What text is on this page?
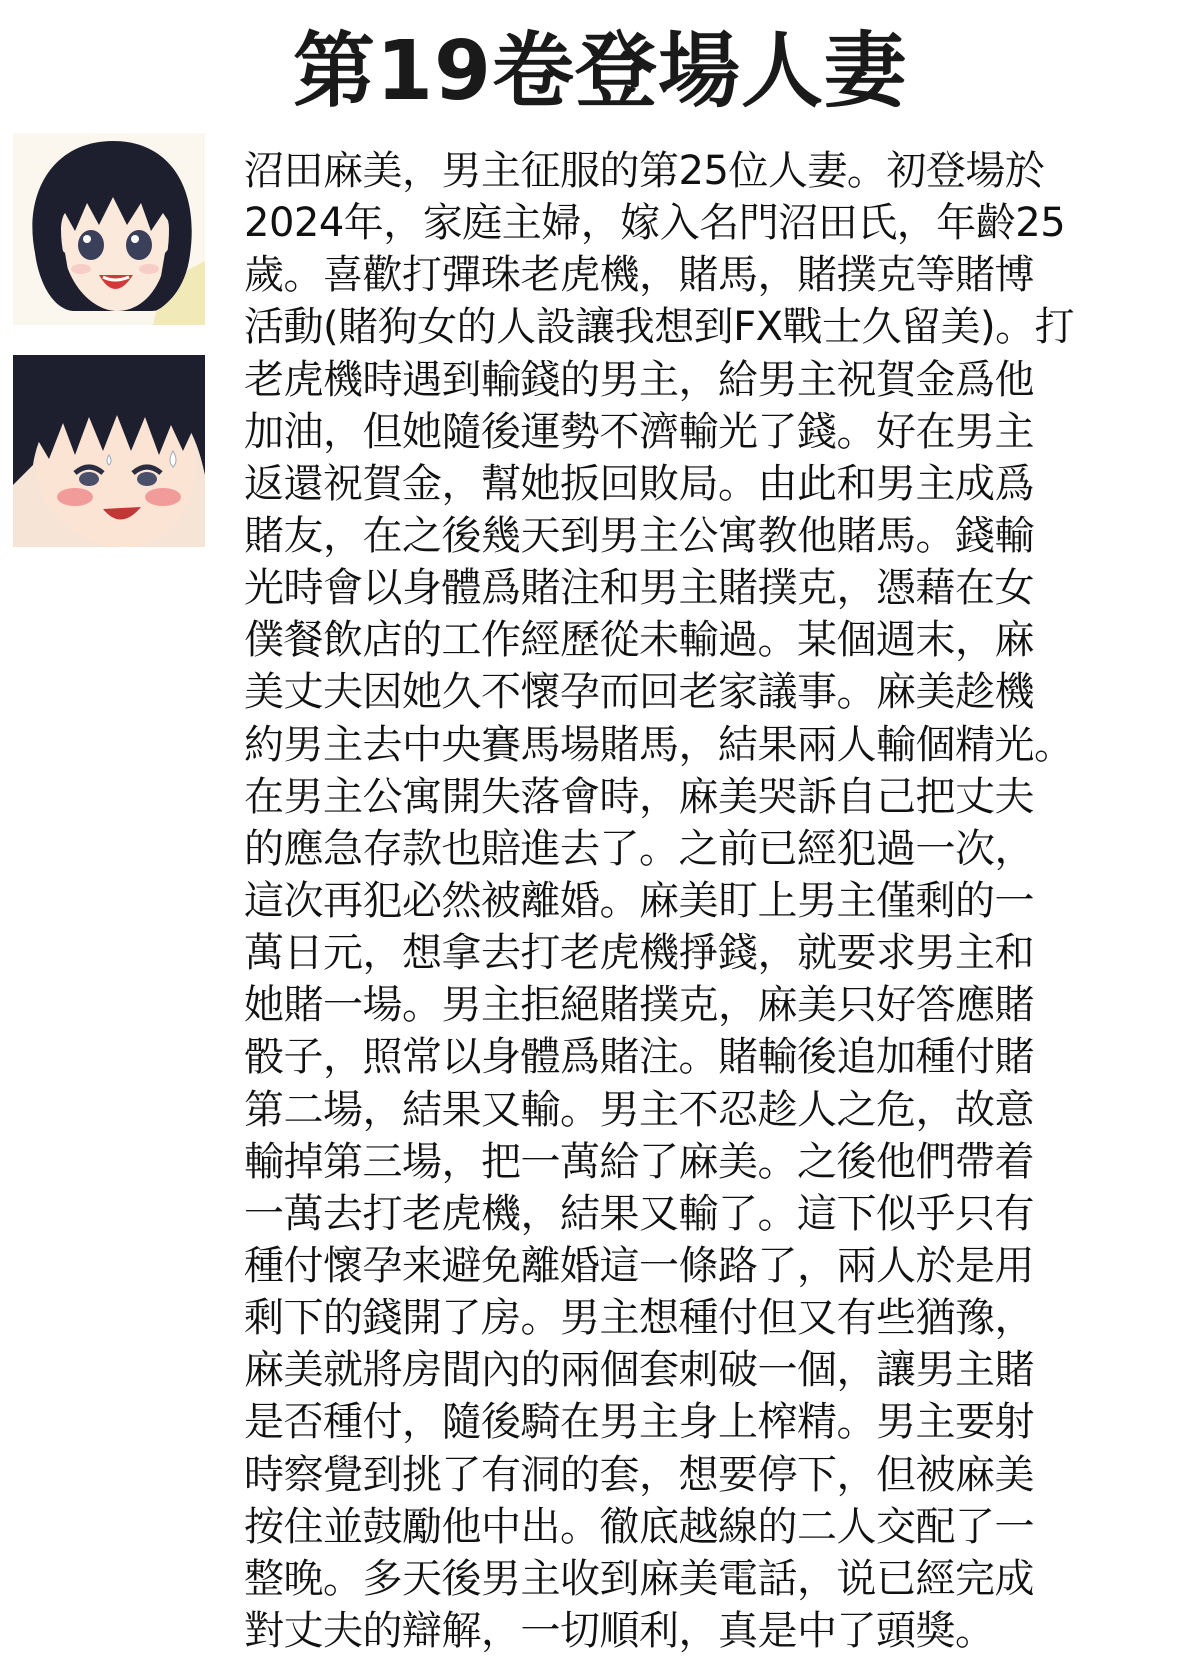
第19卷登場人妻
沼田麻美，男主征服的第25位人妻。初登場於
2024年，家庭主婦，嫁入名門沼田氏，年齡25
歲。喜歡打彈珠老虎機，賭馬，賭撲克等賭博
活動(賭狗女的人設讓我想到FX戰士久留美)。打
老虎機時遇到輸錢的男主，給男主祝賀金爲他
加油，但她隨後運勢不濟輸光了錢。好在男主
返還祝賀金，幫她扳回敗局。由此和男主成爲
賭友，在之後幾天到男主公寓教他賭馬。錢輸
光時會以身體爲賭注和男主賭撲克，憑藉在女
僕餐飲店的工作經歷從未輸過。某個週末，麻
美丈夫因她久不懷孕而回老家議事。麻美趁機
約男主去中央賽馬場賭馬，結果兩人輸個精光。
在男主公寓開失落會時，麻美哭訴自己把丈夫
的應急存款也賠進去了。之前已經犯過一次，
這次再犯必然被離婚。麻美盯上男主僅剩的一
萬日元，想拿去打老虎機掙錢，就要求男主和
她賭一場。男主拒絕賭撲克，麻美只好答應賭
骰子，照常以身體爲賭注。賭輸後追加種付賭
第二場，結果又輸。男主不忍趁人之危，故意
輸掉第三場，把一萬給了麻美。之後他們帶着
一萬去打老虎機，結果又輸了。這下似乎只有
種付懷孕来避免離婚這一條路了，兩人於是用
剩下的錢開了房。男主想種付但又有些猶豫，
麻美就將房間內的兩個套刺破一個，讓男主賭
是否種付，隨後騎在男主身上榨精。男主要射
時察覺到挑了有洞的套，想要停下，但被麻美
按住並鼓勵他中出。徹底越線的二人交配了一
整晚。多天後男主收到麻美電話，说已經完成
對丈夫的辯解，一切順利，真是中了頭獎。
